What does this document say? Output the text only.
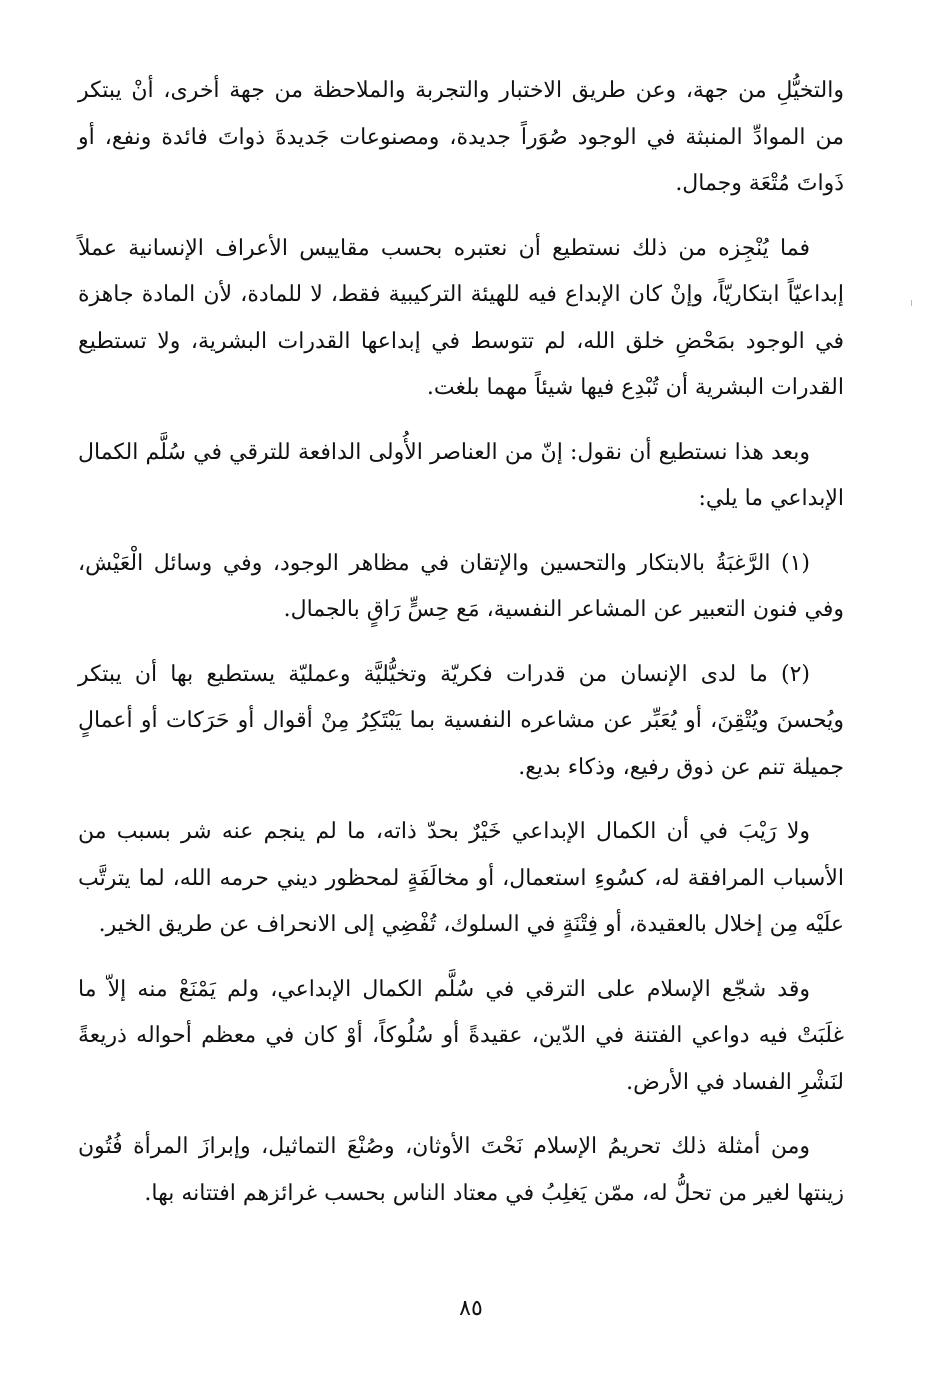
والتخيُّلِ من جهة، وعن طريق الاختبار والتجربة والملاحظة من جهة أخرى، أنْ يبتكر من الموادِّ المنبثة في الوجود صُوَراً جديدة، ومصنوعات جَديدةَ ذواتَ فائدة ونفع، أو ذَواتَ مُتْعَة وجمال.

فما يُنْجِزه من ذلك نستطيع أن نعتبره بحسب مقاييس الأعراف الإنسانية عملاً إبداعيّاً ابتكاريّاً، وإنْ كان الإبداع فيه للهيئة التركيبية فقط، لا للمادة، لأن المادة جاهزة في الوجود بمَحْضِ خلق الله، لم تتوسط في إبداعها القدرات البشرية، ولا تستطيع القدرات البشرية أن تُبْدِع فيها شيئاً مهما بلغت.

وبعد هذا نستطيع أن نقول: إنّ من العناصر الأُولى الدافعة للترقي في سُلَّم الكمال الإبداعي ما يلي:

(١) الرَّغبَةُ بالابتكار والتحسين والإتقان في مظاهر الوجود، وفي وسائل الْعَيْش، وفي فنون التعبير عن المشاعر النفسية، مَع حِسٍّ رَاقٍ بالجمال.

(٢) ما لدى الإنسان من قدرات فكريّة وتخيُّليَّة وعمليّة يستطيع بها أن يبتكر ويُحسنَ ويُتْقِنَ، أو يُعَبِّر عن مشاعره النفسية بما يَبْتَكِرُ مِنْ أقوال أو حَرَكات أو أعمالٍ جميلة تنم عن ذوق رفيع، وذكاء بديع.

ولا رَيْبَ في أن الكمال الإبداعي خَيْرٌ بحدّ ذاته، ما لم ينجم عنه شر بسبب من الأسباب المرافقة له، كسُوءِ استعمال، أو مخالَفَةٍ لمحظور ديني حرمه الله، لما يترتَّب علَيْه مِن إخلال بالعقيدة، أو فِتْنَةٍ في السلوك، تُفْضِي إلى الانحراف عن طريق الخير.

وقد شجّع الإسلام على الترقي في سُلَّم الكمال الإبداعي، ولم يَمْنَعْ منه إلاّ ما غلَبَتْ فيه دواعي الفتنة في الدّين، عقيدةً أو سُلُوكاً، أوْ كان في معظم أحواله ذريعةً لنَشْرِ الفساد في الأرض.

ومن أمثلة ذلك تحريمُ الإسلام نَحْتَ الأوثان، وصُنْعَ التماثيل، وإبرازَ المرأة فُتُون زينتها لغير من تحلُّ له، ممّن يَغلِبُ في معتاد الناس بحسب غرائزهم افتتانه بها.

٨٥
